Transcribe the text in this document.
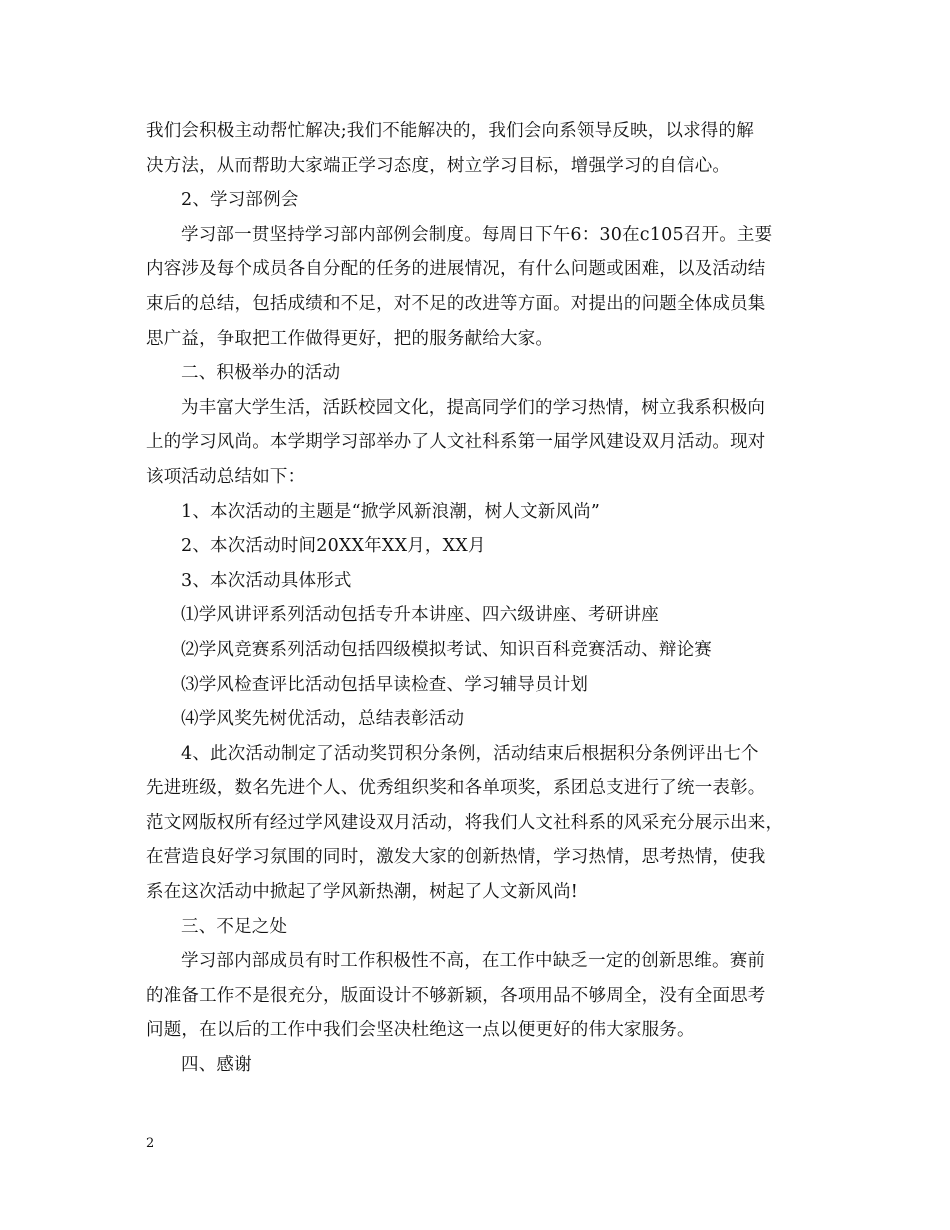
我们会积极主动帮忙解决;我们不能解决的，我们会向系领导反映，以求得的解
决方法，从而帮助大家端正学习态度，树立学习目标，增强学习的自信心。
2、学习部例会
学习部一贯坚持学习部内部例会制度。每周日下午6：30在c105召开。主要
内容涉及每个成员各自分配的任务的进展情况，有什么问题或困难，以及活动结
束后的总结，包括成绩和不足，对不足的改进等方面。对提出的问题全体成员集
思广益，争取把工作做得更好，把的服务献给大家。
二、积极举办的活动
为丰富大学生活，活跃校园文化，提高同学们的学习热情，树立我系积极向
上的学习风尚。本学期学习部举办了人文社科系第一届学风建设双月活动。现对
该项活动总结如下：
1、本次活动的主题是“掀学风新浪潮，树人文新风尚”
2、本次活动时间20XX年XX月，XX月
3、本次活动具体形式
⑴学风讲评系列活动包括专升本讲座、四六级讲座、考研讲座
⑵学风竞赛系列活动包括四级模拟考试、知识百科竞赛活动、辩论赛
⑶学风检查评比活动包括早读检查、学习辅导员计划
⑷学风奖先树优活动，总结表彰活动
4、此次活动制定了活动奖罚积分条例，活动结束后根据积分条例评出七个
先进班级，数名先进个人、优秀组织奖和各单项奖，系团总支进行了统一表彰。
范文网版权所有经过学风建设双月活动，将我们人文社科系的风采充分展示出来，
在营造良好学习氛围的同时，激发大家的创新热情，学习热情，思考热情，使我
系在这次活动中掀起了学风新热潮，树起了人文新风尚!
三、不足之处
学习部内部成员有时工作积极性不高，在工作中缺乏一定的创新思维。赛前
的准备工作不是很充分，版面设计不够新颖，各项用品不够周全，没有全面思考
问题，在以后的工作中我们会坚决杜绝这一点以便更好的伟大家服务。
四、感谢
2
